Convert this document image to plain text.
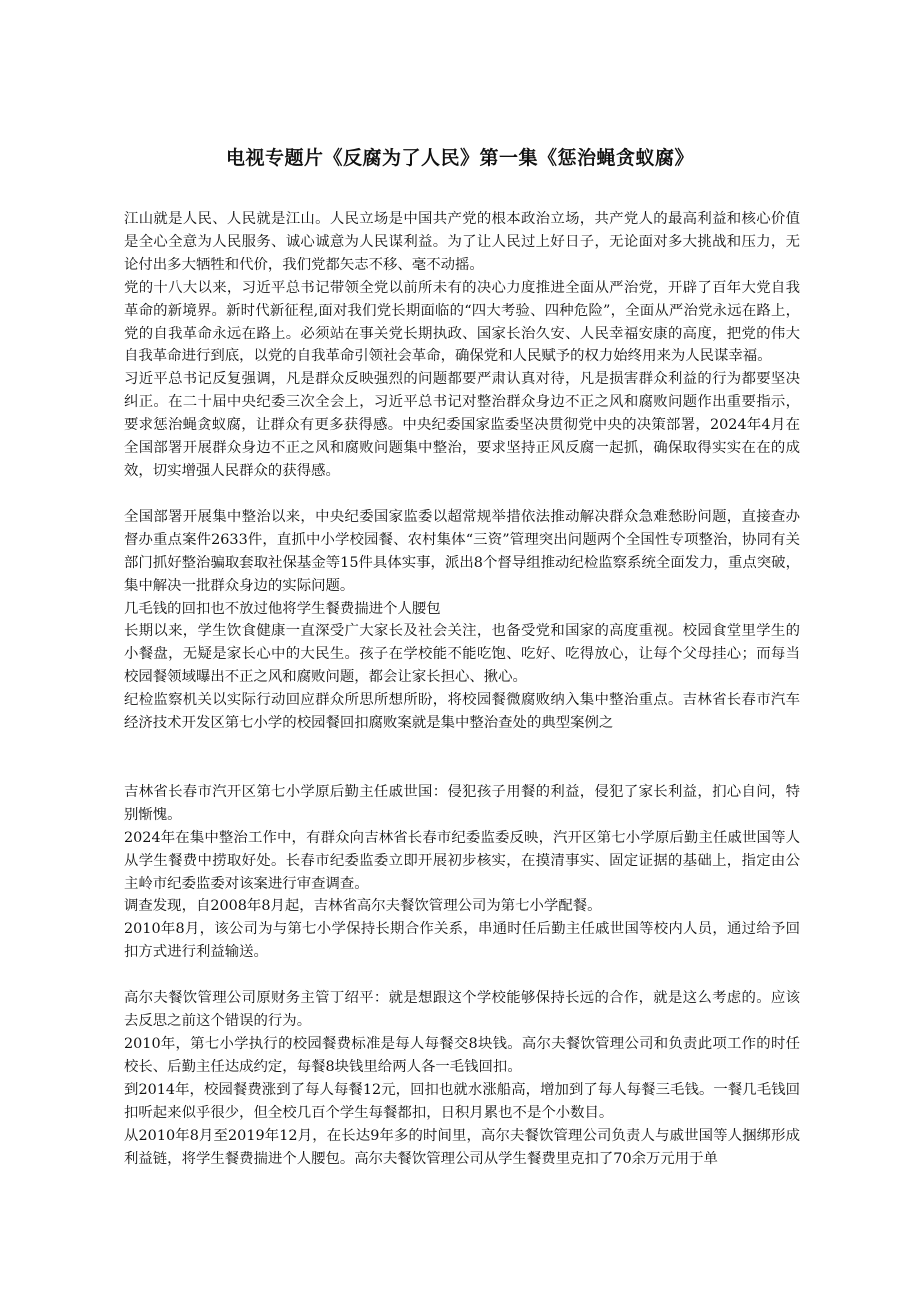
电视专题片《反腐为了人民》第一集《惩治蝇贪蚁腐》

江山就是人民、人民就是江山。人民立场是中国共产党的根本政治立场，共产党人的最高利益和核心价值是全心全意为人民服务、诚心诚意为人民谋利益。为了让人民过上好日子，无论面对多大挑战和压力，无论付出多大牺牲和代价，我们党都矢志不移、毫不动摇。

党的十八大以来，习近平总书记带领全党以前所未有的决心力度推进全面从严治党，开辟了百年大党自我革命的新境界。新时代新征程,面对我们党长期面临的“四大考验、四种危险”，全面从严治党永远在路上，党的自我革命永远在路上。必须站在事关党长期执政、国家长治久安、人民幸福安康的高度，把党的伟大自我革命进行到底，以党的自我革命引领社会革命，确保党和人民赋予的权力始终用来为人民谋幸福。

习近平总书记反复强调，凡是群众反映强烈的问题都要严肃认真对待，凡是损害群众利益的行为都要坚决纠正。在二十届中央纪委三次全会上，习近平总书记对整治群众身边不正之风和腐败问题作出重要指示，要求惩治蝇贪蚁腐，让群众有更多获得感。中央纪委国家监委坚决贯彻党中央的决策部署，2024年4月在全国部署开展群众身边不正之风和腐败问题集中整治，要求坚持正风反腐一起抓，确保取得实实在在的成效，切实增强人民群众的获得感。

全国部署开展集中整治以来，中央纪委国家监委以超常规举措依法推动解决群众急难愁盼问题，直接查办督办重点案件2633件，直抓中小学校园餐、农村集体“三资”管理突出问题两个全国性专项整治，协同有关部门抓好整治骗取套取社保基金等15件具体实事，派出8个督导组推动纪检监察系统全面发力，重点突破，集中解决一批群众身边的实际问题。

几毛钱的回扣也不放过他将学生餐费揣进个人腰包

长期以来，学生饮食健康一直深受广大家长及社会关注，也备受党和国家的高度重视。校园食堂里学生的小餐盘，无疑是家长心中的大民生。孩子在学校能不能吃饱、吃好、吃得放心，让每个父母挂心；而每当校园餐领域曝出不正之风和腐败问题，都会让家长担心、揪心。

纪检监察机关以实际行动回应群众所思所想所盼，将校园餐微腐败纳入集中整治重点。吉林省长春市汽车经济技术开发区第七小学的校园餐回扣腐败案就是集中整治查处的典型案例之

吉林省长春市汽开区第七小学原后勤主任戚世国：侵犯孩子用餐的利益，侵犯了家长利益，扪心自问，特别惭愧。

2024年在集中整治工作中，有群众向吉林省长春市纪委监委反映，汽开区第七小学原后勤主任戚世国等人从学生餐费中捞取好处。长春市纪委监委立即开展初步核实，在摸清事实、固定证据的基础上，指定由公主岭市纪委监委对该案进行审查调查。

调查发现，自2008年8月起，吉林省高尔夫餐饮管理公司为第七小学配餐。

2010年8月，该公司为与第七小学保持长期合作关系，串通时任后勤主任戚世国等校内人员，通过给予回扣方式进行利益输送。

高尔夫餐饮管理公司原财务主管丁绍平：就是想跟这个学校能够保持长远的合作，就是这么考虑的。应该去反思之前这个错误的行为。

2010年，第七小学执行的校园餐费标准是每人每餐交8块钱。高尔夫餐饮管理公司和负责此项工作的时任校长、后勤主任达成约定，每餐8块钱里给两人各一毛钱回扣。

到2014年，校园餐费涨到了每人每餐12元，回扣也就水涨船高，增加到了每人每餐三毛钱。一餐几毛钱回扣听起来似乎很少，但全校几百个学生每餐都扣，日积月累也不是个小数目。

从2010年8月至2019年12月，在长达9年多的时间里，高尔夫餐饮管理公司负责人与戚世国等人捆绑形成利益链，将学生餐费揣进个人腰包。高尔夫餐饮管理公司从学生餐费里克扣了70余万元用于单
